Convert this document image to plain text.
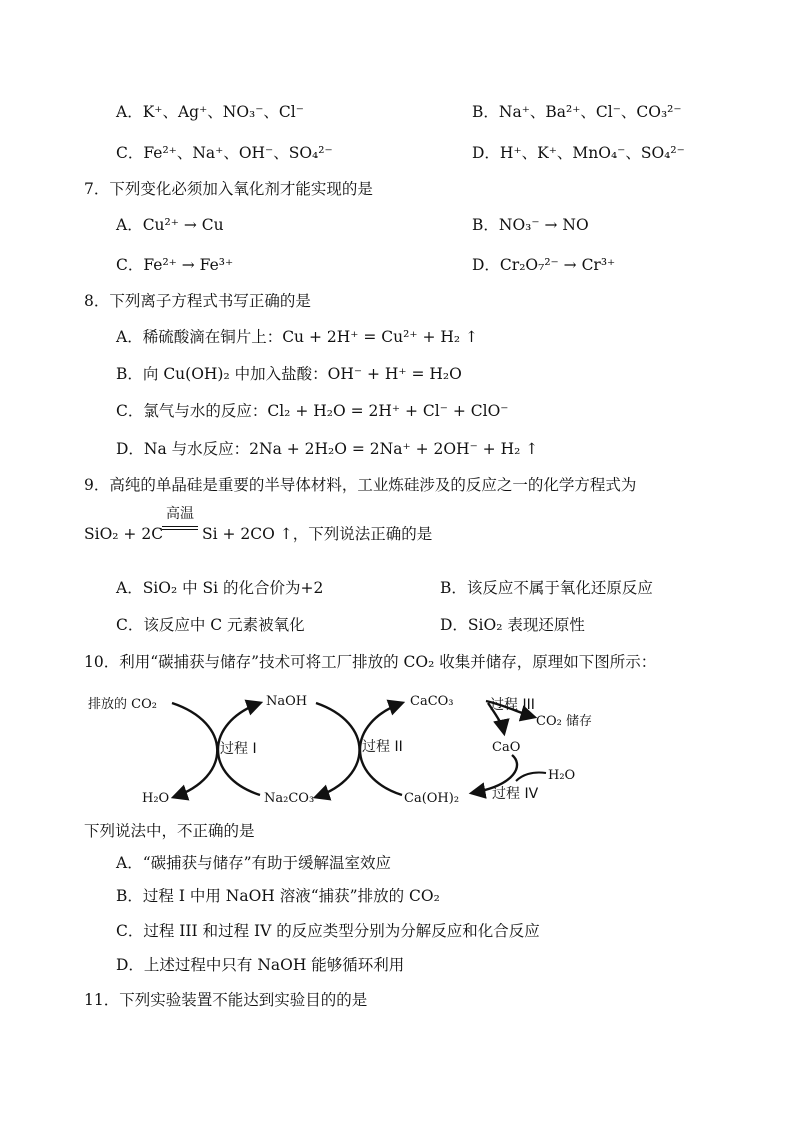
A．K⁺、Ag⁺、NO₃⁻、Cl⁻	B．Na⁺、Ba²⁺、Cl⁻、CO₃²⁻
C．Fe²⁺、Na⁺、OH⁻、SO₄²⁻	D．H⁺、K⁺、MnO₄⁻、SO₄²⁻
7．下列变化必须加入氧化剂才能实现的是
A．Cu²⁺ → Cu	B．NO₃⁻ → NO
C．Fe²⁺ → Fe³⁺	D．Cr₂O₇²⁻ → Cr³⁺
8．下列离子方程式书写正确的是
A．稀硫酸滴在铜片上：Cu + 2H⁺ = Cu²⁺ + H₂ ↑
B．向 Cu(OH)₂ 中加入盐酸：OH⁻ + H⁺ = H₂O
C．氯气与水的反应：Cl₂ + H₂O = 2H⁺ + Cl⁻ + ClO⁻
D．Na 与水反应：2Na + 2H₂O = 2Na⁺ + 2OH⁻ + H₂ ↑
9．高纯的单晶硅是重要的半导体材料，工业炼硅涉及的反应之一的化学方程式为
SiO₂ + 2C
高温
Si + 2CO ↑，下列说法正确的是
A．SiO₂ 中 Si 的化合价为+2	B．该反应不属于氧化还原反应
C．该反应中 C 元素被氧化	D．SiO₂ 表现还原性
10．利用“碳捕获与储存”技术可将工厂排放的 CO₂ 收集并储存，原理如下图所示：
排放的 CO₂
H₂O
NaOH
Na₂CO₃
过程 I	过程 II
CaCO₃
Ca(OH)₂
过程 III
CO₂ 储存
CaO
H₂O
过程 IV
下列说法中，不正确的是
A．“碳捕获与储存”有助于缓解温室效应
B．过程 I 中用 NaOH 溶液“捕获”排放的 CO₂
C．过程 III 和过程 IV 的反应类型分别为分解反应和化合反应
D．上述过程中只有 NaOH 能够循环利用
11．下列实验装置不能达到实验目的的是
